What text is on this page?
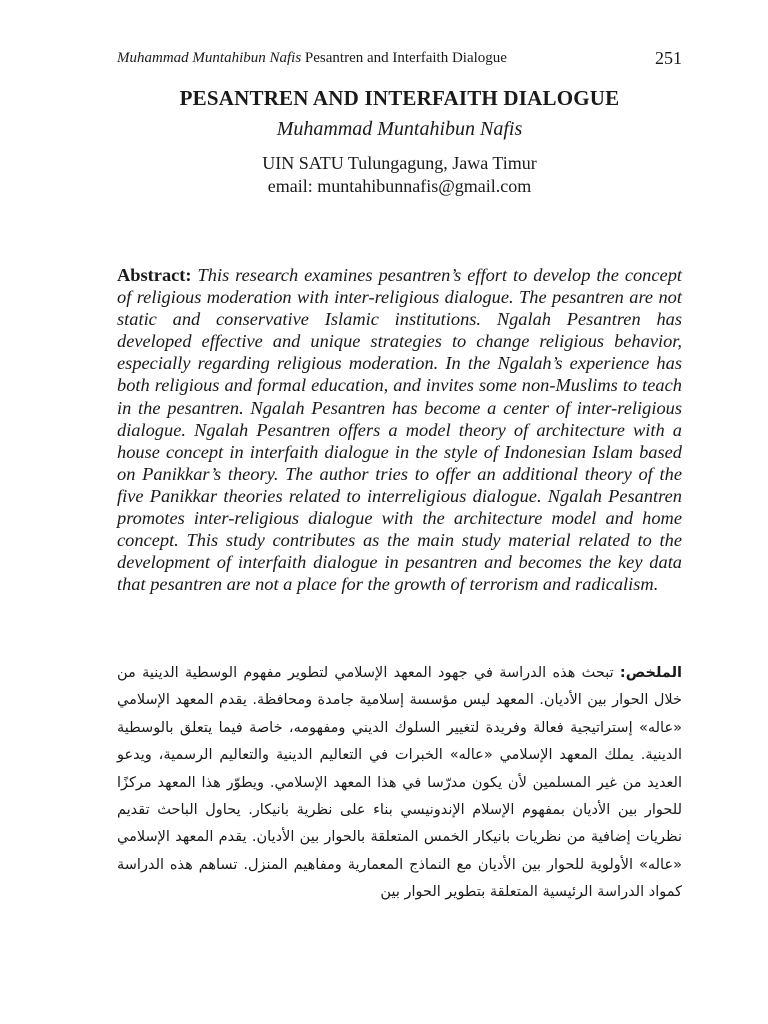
Muhammad Muntahibun Nafis Pesantren and Interfaith Dialogue	251
PESANTREN AND INTERFAITH DIALOGUE
Muhammad Muntahibun Nafis
UIN SATU Tulungagung, Jawa Timur
email: muntahibunnafis@gmail.com
Abstract: This research examines pesantren’s effort to develop the concept of religious moderation with inter-religious dialogue. The pesantren are not static and conservative Islamic institutions. Ngalah Pesantren has developed effective and unique strategies to change religious behavior, especially regarding religious moderation. In the Ngalah’s experience has both religious and formal education, and invites some non-Muslims to teach in the pesantren. Ngalah Pesantren has become a center of inter-religious dialogue. Ngalah Pesantren offers a model theory of architecture with a house concept in interfaith dialogue in the style of Indonesian Islam based on Panikkar’s theory. The author tries to offer an additional theory of the five Panikkar theories related to interreligious dialogue. Ngalah Pesantren promotes inter-religious dialogue with the architecture model and home concept. This study contributes as the main study material related to the development of interfaith dialogue in pesantren and becomes the key data that pesantren are not a place for the growth of terrorism and radicalism.
الملخص: تبحث هذه الدراسة في جهود المعهد الإسلامي لتطوير مفهوم الوسطية الدينية من خلال الحوار بين الأديان. المعهد ليس مؤسسة إسلامية جامدة ومحافظة. يقدم المعهد الإسلامي «عاله» إستراتيجية فعالة وفريدة لتغيير السلوك الديني ومفهومه، خاصة فيما يتعلق بالوسطية الدينية. يملك المعهد الإسلامي «عاله» الخبرات في التعاليم الدينية والتعاليم الرسمية، ويدعو العديد من غير المسلمين لأن يكون مدرّسا في هذا المعهد الإسلامي. ويطوّر هذا المعهد مركزًا للحوار بين الأديان بمفهوم الإسلام الإندونيسي بناء على نظرية بانيكار. يحاول الباحث تقديم نظريات إضافية من نظريات بانيكار الخمس المتعلقة بالحوار بين الأديان. يقدم المعهد الإسلامي «عاله» الأولوية للحوار بين الأديان مع النماذج المعمارية ومفاهيم المنزل. تساهم هذه الدراسة كمواد الدراسة الرئيسية المتعلقة بتطوير الحوار بين
